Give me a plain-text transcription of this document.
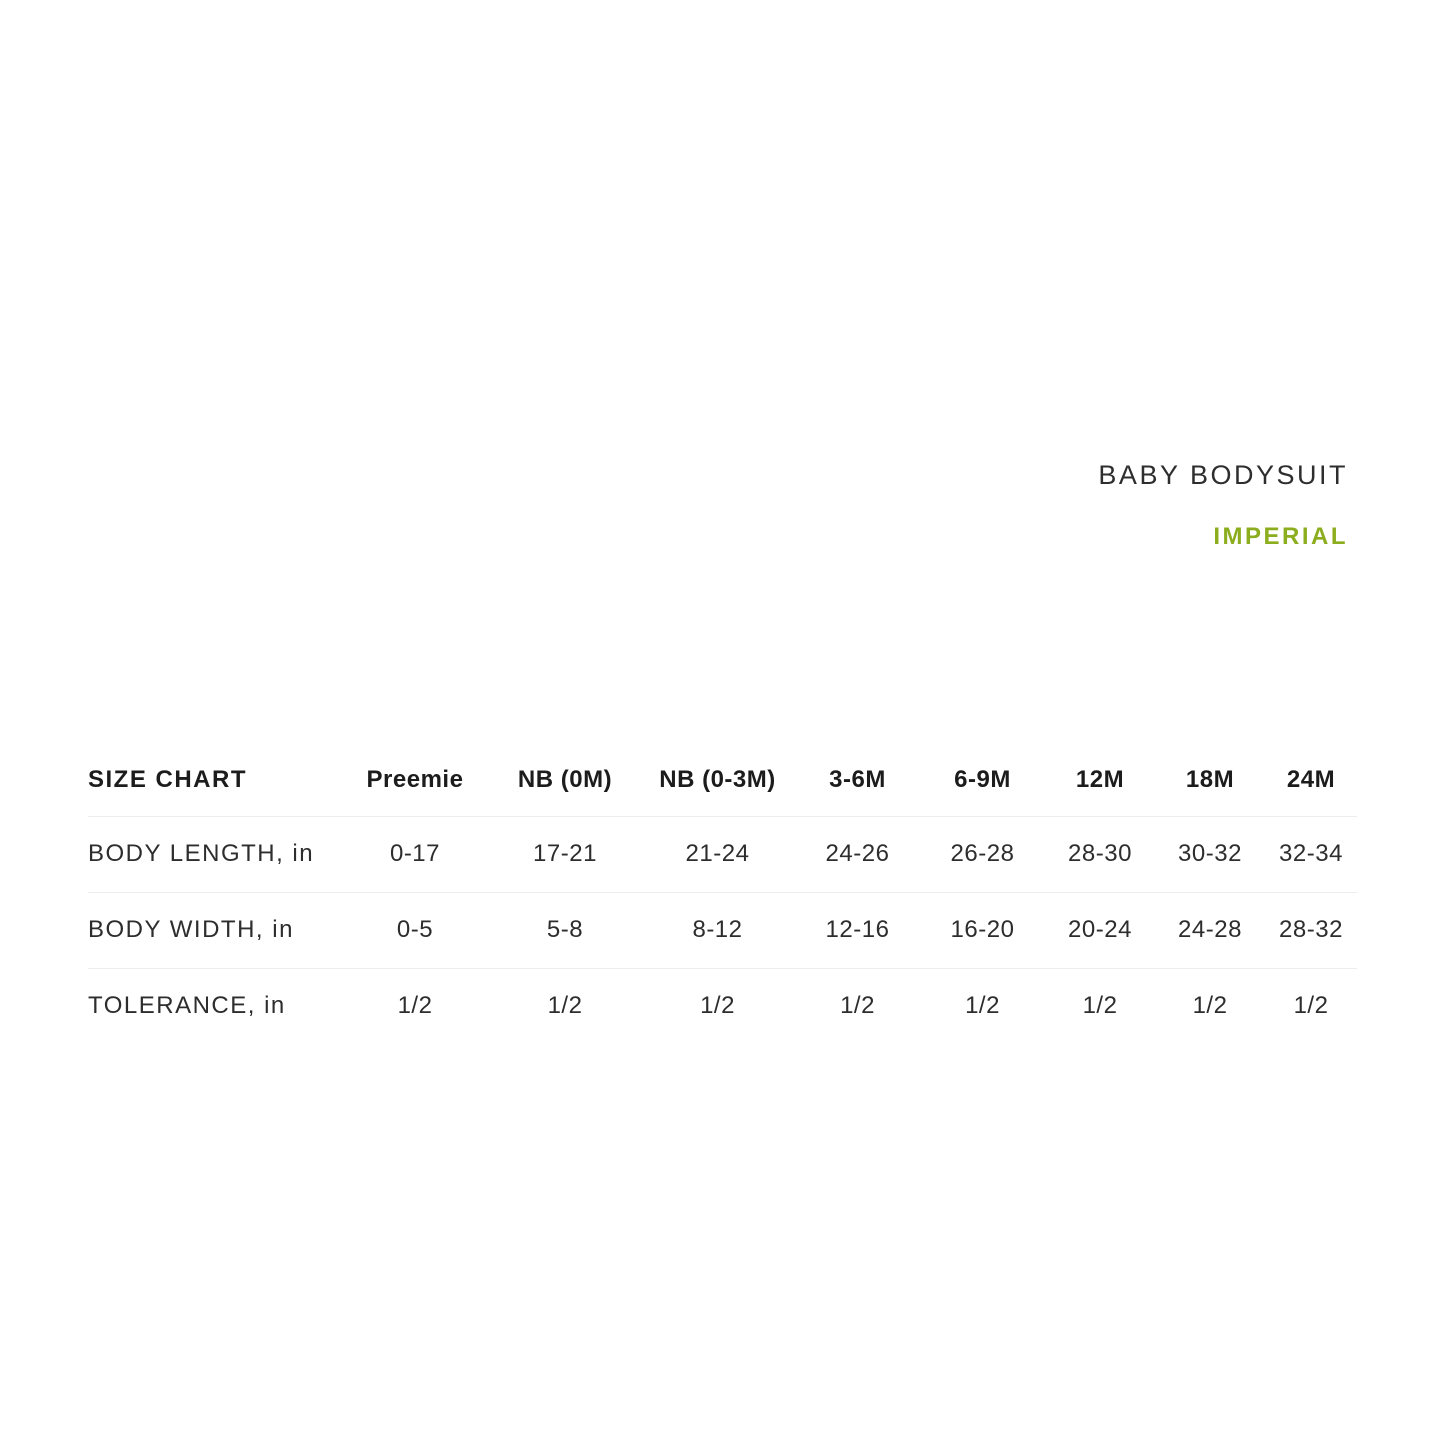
BABY BODYSUIT
IMPERIAL
SIZE CHART	Preemie	NB (0M)	NB (0-3M)	3-6M	6-9M	12M	18M	24M
BODY LENGTH, in	0-17	17-21	21-24	24-26	26-28	28-30	30-32	32-34
BODY WIDTH, in	0-5	5-8	8-12	12-16	16-20	20-24	24-28	28-32
TOLERANCE, in	1/2	1/2	1/2	1/2	1/2	1/2	1/2	1/2
